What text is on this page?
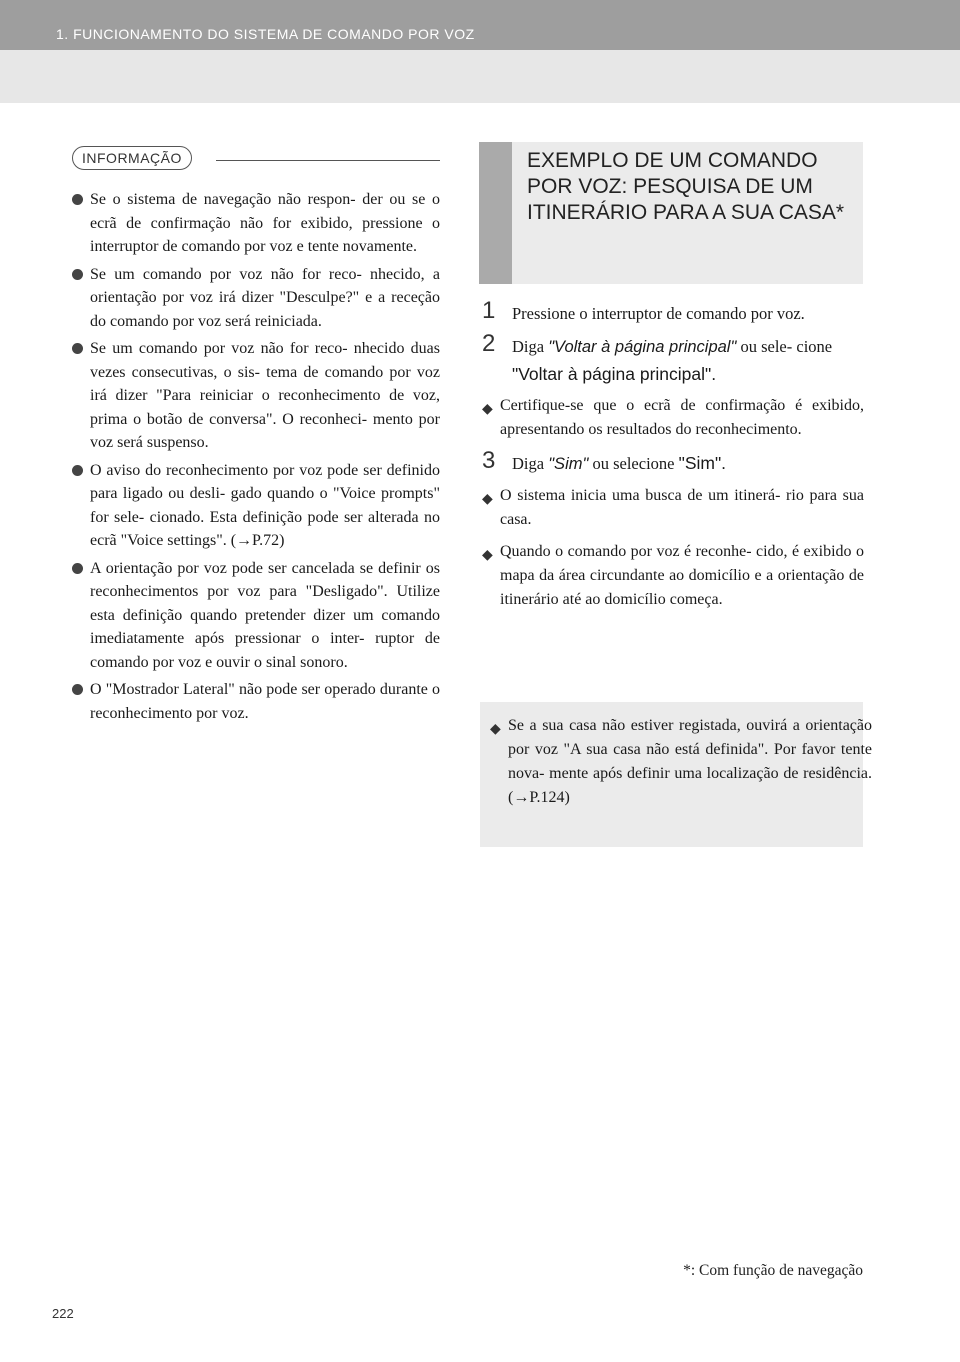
1. FUNCIONAMENTO DO SISTEMA DE COMANDO POR VOZ
INFORMAÇÃO
Se o sistema de navegação não respon- der ou se o ecrã de confirmação não for exibido, pressione o interruptor de comando por voz e tente novamente.
Se um comando por voz não for reco- nhecido, a orientação por voz irá dizer "Desculpe?" e a receção do comando por voz será reiniciada.
Se um comando por voz não for reco- nhecido duas vezes consecutivas, o sis- tema de comando por voz irá dizer "Para reiniciar o reconhecimento de voz, prima o botão de conversa". O reconheci- mento por voz será suspenso.
O aviso do reconhecimento por voz pode ser definido para ligado ou desli- gado quando o "Voice prompts" for sele- cionado. Esta definição pode ser alterada no ecrã "Voice settings". (→P.72)
A orientação por voz pode ser cancelada se definir os reconhecimentos por voz para "Desligado". Utilize esta definição quando pretender dizer um comando imediatamente após pressionar o inter- ruptor de comando por voz e ouvir o sinal sonoro.
O "Mostrador Lateral" não pode ser operado durante o reconhecimento por voz.
EXEMPLO DE UM COMANDO POR VOZ: PESQUISA DE UM ITINERÁRIO PARA A SUA CASA*
1 Pressione o interruptor de comando por voz.
2 Diga "Voltar à página principal" ou sele- cione "Voltar à página principal".
◆ Certifique-se que o ecrã de confirmação é exibido, apresentando os resultados do reconhecimento.
3 Diga "Sim" ou selecione "Sim".
◆ O sistema inicia uma busca de um itinerá- rio para sua casa.
◆ Quando o comando por voz é reconhe- cido, é exibido o mapa da área circundante ao domicílio e a orientação de itinerário até ao domicílio começa.
◆ Se a sua casa não estiver registada, ouvirá a orientação por voz "A sua casa não está definida". Por favor tente nova- mente após definir uma localização de residência. (→P.124)
*: Com função de navegação
222
